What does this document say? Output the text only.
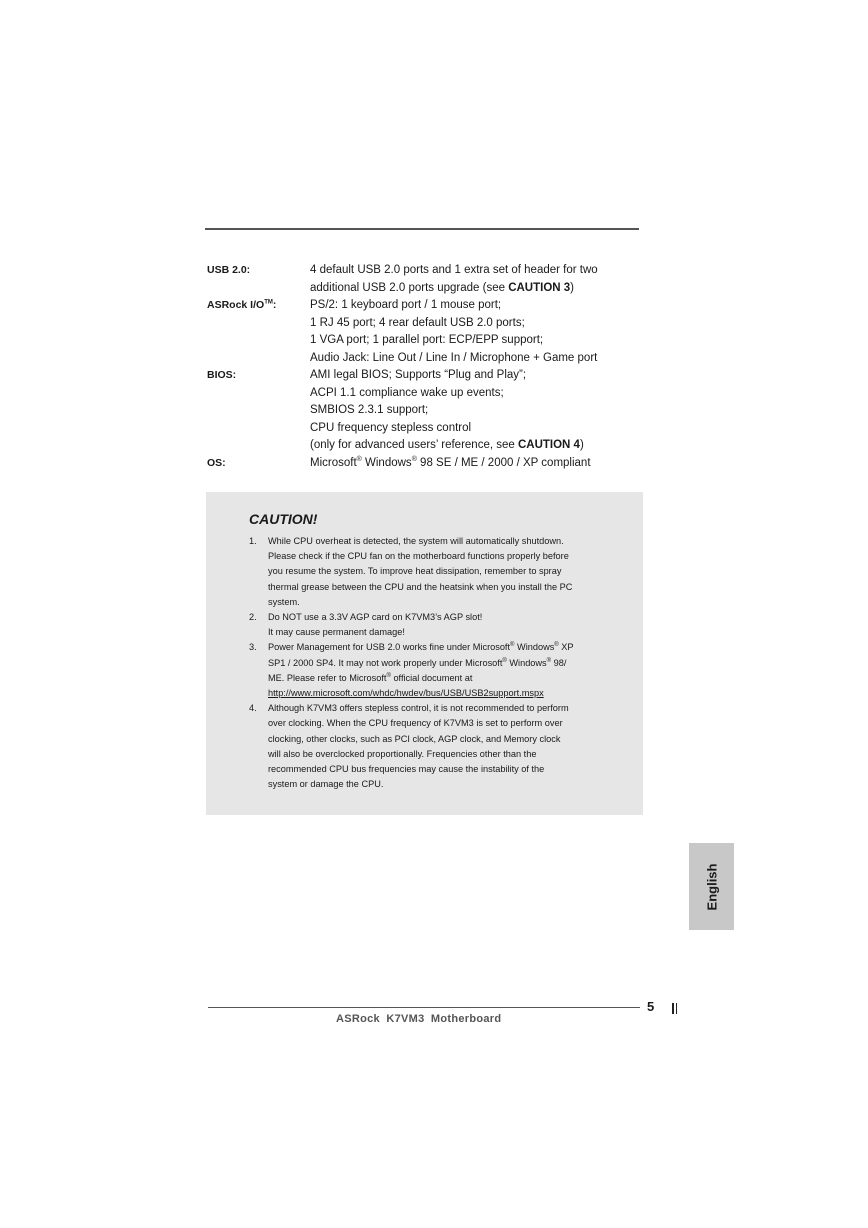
USB 2.0:	4 default USB 2.0 ports and 1 extra set of header for two
additional USB 2.0 ports upgrade (see CAUTION 3)
ASRock I/O™:	PS/2: 1 keyboard port / 1 mouse port;
1 RJ 45 port; 4 rear default USB 2.0 ports;
1 VGA port; 1 parallel port: ECP/EPP support;
Audio Jack: Line Out / Line In / Microphone + Game port
BIOS:	AMI legal BIOS; Supports “Plug and Play”;
ACPI 1.1 compliance wake up events;
SMBIOS 2.3.1 support;
CPU frequency stepless control
(only for advanced users’ reference, see CAUTION 4)
OS:	Microsoft® Windows® 98 SE / ME / 2000 / XP compliant
CAUTION!
1.	While CPU overheat is detected, the system will automatically shutdown.
Please check if the CPU fan on the motherboard functions properly before
you resume the system. To improve heat dissipation, remember to spray
thermal grease between the CPU and the heatsink when you install the PC
system.
2.	Do NOT use a 3.3V AGP card on K7VM3’s AGP slot!
It may cause permanent damage!
3.	Power Management for USB 2.0 works fine under Microsoft® Windows® XP
SP1 / 2000 SP4. It may not work properly under Microsoft® Windows® 98/
ME. Please refer to Microsoft® official document at
http://www.microsoft.com/whdc/hwdev/bus/USB/USB2support.mspx
4.	Although K7VM3 offers stepless control, it is not recommended to perform
over clocking. When the CPU frequency of K7VM3 is set to perform over
clocking, other clocks, such as PCI clock, AGP clock, and Memory clock
will also be overclocked proportionally. Frequencies other than the
recommended CPU bus frequencies may cause the instability of the
system or damage the CPU.
English
5
ASRock K7VM3 Motherboard
